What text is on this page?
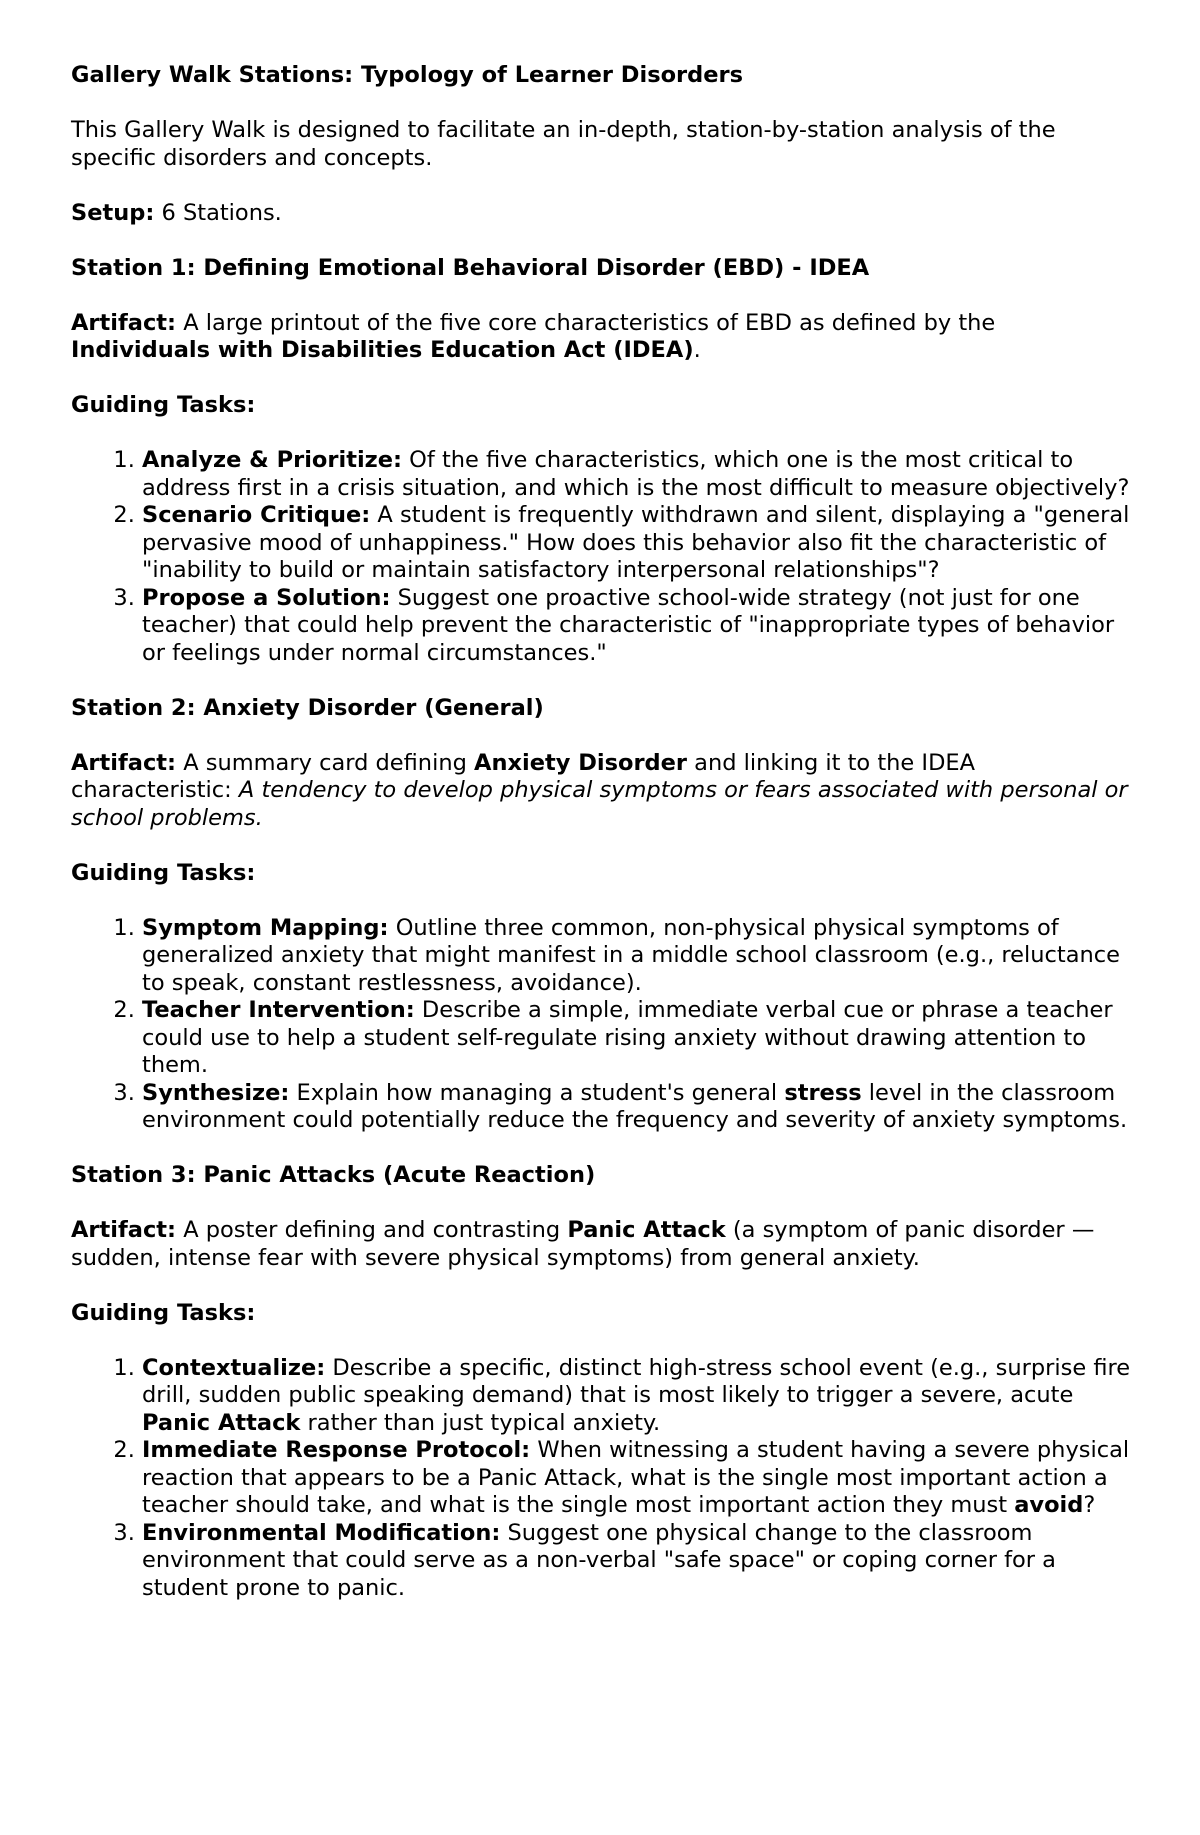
Gallery Walk Stations: Typology of Learner Disorders

This Gallery Walk is designed to facilitate an in-depth, station-by-station analysis of the specific disorders and concepts.

Setup: 6 Stations.

Station 1: Defining Emotional Behavioral Disorder (EBD) - IDEA

Artifact: A large printout of the five core characteristics of EBD as defined by the Individuals with Disabilities Education Act (IDEA).

Guiding Tasks:

1. Analyze & Prioritize: Of the five characteristics, which one is the most critical to address first in a crisis situation, and which is the most difficult to measure objectively?
2. Scenario Critique: A student is frequently withdrawn and silent, displaying a "general pervasive mood of unhappiness." How does this behavior also fit the characteristic of "inability to build or maintain satisfactory interpersonal relationships"?
3. Propose a Solution: Suggest one proactive school-wide strategy (not just for one teacher) that could help prevent the characteristic of "inappropriate types of behavior or feelings under normal circumstances."

Station 2: Anxiety Disorder (General)

Artifact: A summary card defining Anxiety Disorder and linking it to the IDEA characteristic: A tendency to develop physical symptoms or fears associated with personal or school problems.

Guiding Tasks:

1. Symptom Mapping: Outline three common, non-physical physical symptoms of generalized anxiety that might manifest in a middle school classroom (e.g., reluctance to speak, constant restlessness, avoidance).
2. Teacher Intervention: Describe a simple, immediate verbal cue or phrase a teacher could use to help a student self-regulate rising anxiety without drawing attention to them.
3. Synthesize: Explain how managing a student's general stress level in the classroom environment could potentially reduce the frequency and severity of anxiety symptoms.

Station 3: Panic Attacks (Acute Reaction)

Artifact: A poster defining and contrasting Panic Attack (a symptom of panic disorder —sudden, intense fear with severe physical symptoms) from general anxiety.

Guiding Tasks:

1. Contextualize: Describe a specific, distinct high-stress school event (e.g., surprise fire drill, sudden public speaking demand) that is most likely to trigger a severe, acute Panic Attack rather than just typical anxiety.
2. Immediate Response Protocol: When witnessing a student having a severe physical reaction that appears to be a Panic Attack, what is the single most important action a teacher should take, and what is the single most important action they must avoid?
3. Environmental Modification: Suggest one physical change to the classroom environment that could serve as a non-verbal "safe space" or coping corner for a student prone to panic.
